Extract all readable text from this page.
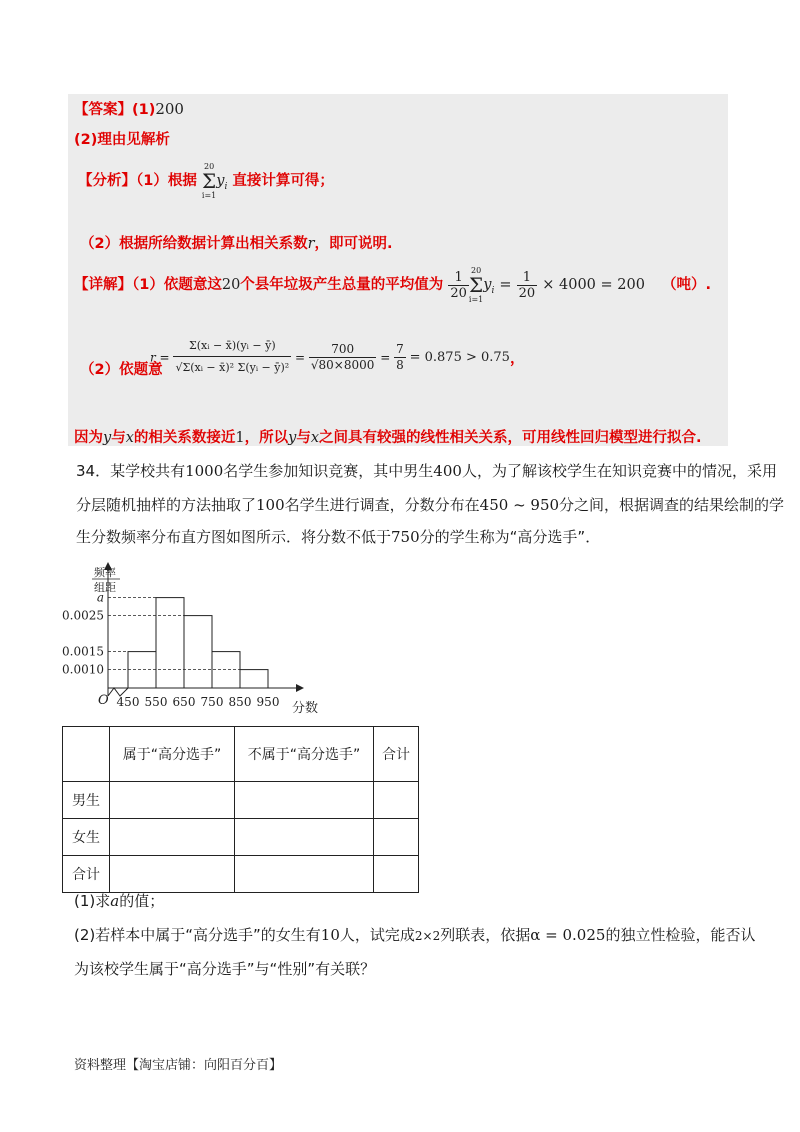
【答案】(1)200
(2)理由见解析
【分析】（1）根据
20
Σ
i=1
$y_i$ 直接计算可得；
（2）根据所给数据计算出相关系数r，即可说明.
【详解】（1）依题意这20个县年垃圾产生总量的平均值为 $\frac{1}{20} 20$
Σ
i=1
$y_i = \frac{1}{20} \times 4000 = 200$ （吨）.
（2）依题意
$r = \frac{\text{Σ(xᵢ − x̄)(yᵢ − ȳ)}}{\text{√Σ(xᵢ − x̄)² Σ(yᵢ − ȳ)²}} = \frac{700}{√80\times 8000} = \frac{7}{8} = 0.875 > 0.75$，
因为y与x的相关系数接近1，所以y与x之间具有较强的线性相关关系，可用线性回归模型进行拟合.
34．某学校共有1000名学生参加知识竞赛，其中男生400人，为了解该校学生在知识竞赛中的情况，采用
分层随机抽样的方法抽取了100名学生进行调查，分数分布在450 ~ 950分之间，根据调查的结果绘制的学
生分数频率分布直方图如图所示．将分数不低于750分的学生称为“高分选手”．
频率
组距
a
0.0025
0.0015
0.0010
450 550 650 750 850 950
O
分数
	属于“高分选手”	不属于“高分选手”	合计
男生			
女生			
合计			
(1)求a的值；
(2)若样本中属于“高分选手”的女生有10人，试完成2×2列联表，依据α = 0.025的独立性检验，能否认
为该校学生属于“高分选手”与“性别”有关联？
资料整理【淘宝店铺：向阳百分百】
